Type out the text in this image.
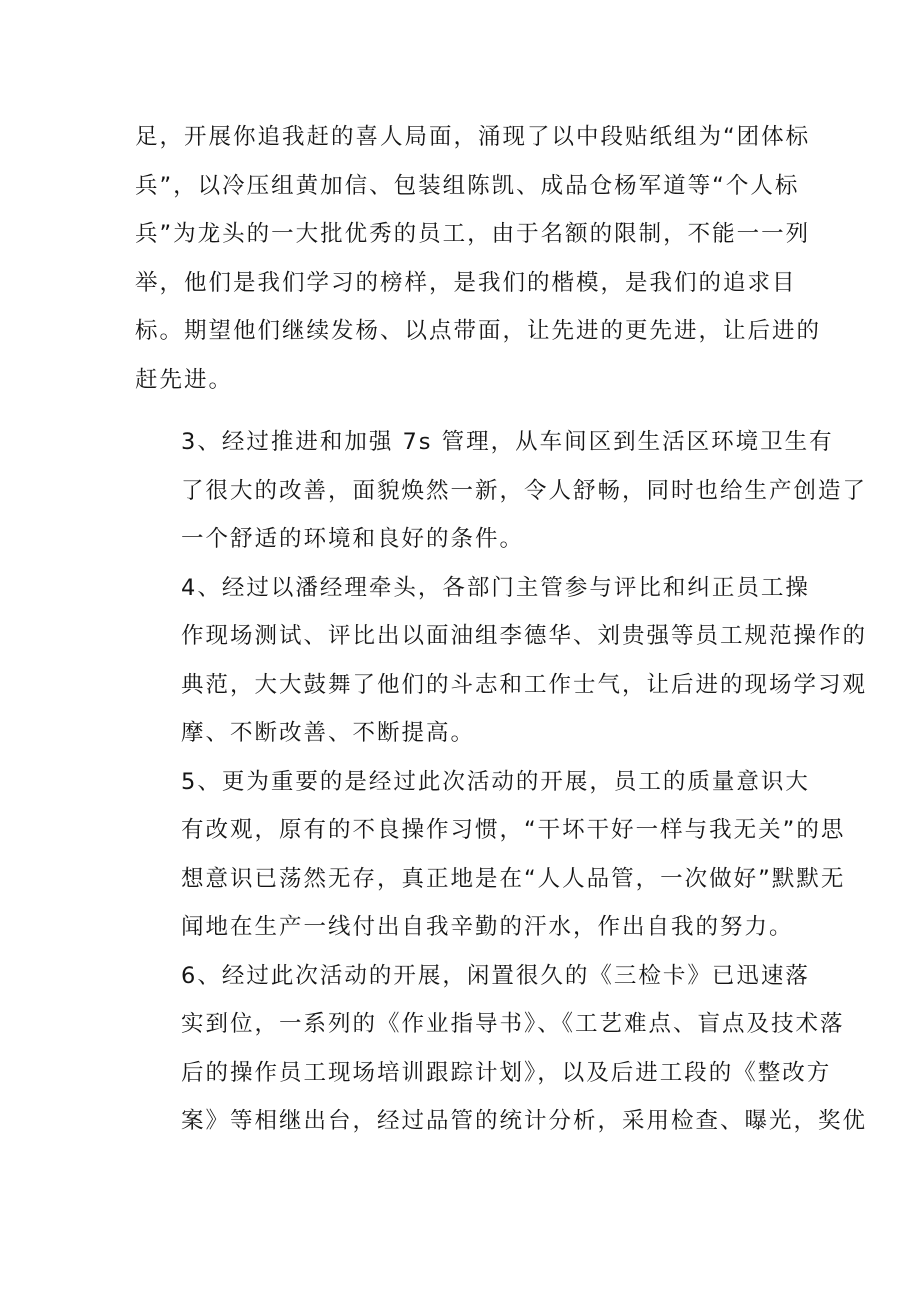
足，开展你追我赶的喜人局面，涌现了以中段贴纸组为“团体标
兵”，以冷压组黄加信、包装组陈凯、成品仓杨军道等“个人标
兵”为龙头的一大批优秀的员工，由于名额的限制，不能一一列
举，他们是我们学习的榜样，是我们的楷模，是我们的追求目
标。期望他们继续发杨、以点带面，让先进的更先进，让后进的
赶先进。

3、经过推进和加强 7s 管理，从车间区到生活区环境卫生有
了很大的改善，面貌焕然一新，令人舒畅，同时也给生产创造了
一个舒适的环境和良好的条件。

4、经过以潘经理牵头，各部门主管参与评比和纠正员工操
作现场测试、评比出以面油组李德华、刘贵强等员工规范操作的
典范，大大鼓舞了他们的斗志和工作士气，让后进的现场学习观
摩、不断改善、不断提高。

5、更为重要的是经过此次活动的开展，员工的质量意识大
有改观，原有的不良操作习惯，“干坏干好一样与我无关”的思
想意识已荡然无存，真正地是在“人人品管，一次做好”默默无
闻地在生产一线付出自我辛勤的汗水，作出自我的努力。

6、经过此次活动的开展，闲置很久的《三检卡》已迅速落
实到位，一系列的《作业指导书》、《工艺难点、盲点及技术落
后的操作员工现场培训跟踪计划》，以及后进工段的《整改方
案》等相继出台，经过品管的统计分析，采用检查、曝光，奖优
